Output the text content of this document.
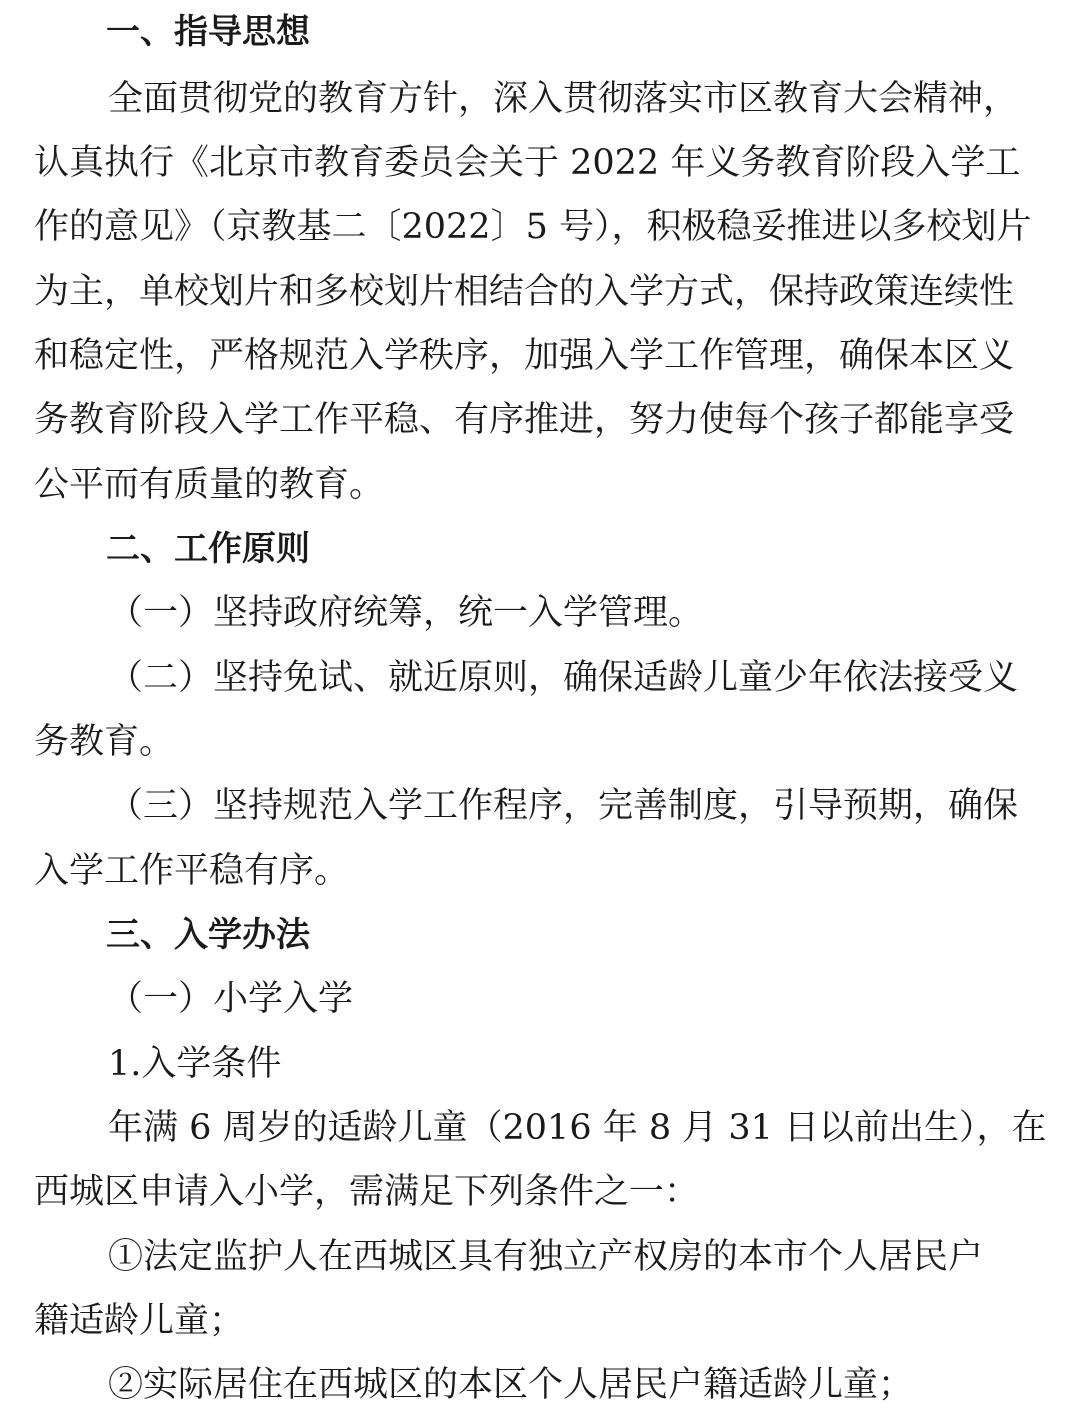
一、指导思想
全面贯彻党的教育方针，深入贯彻落实市区教育大会精神，
认真执行《北京市教育委员会关于 2022 年义务教育阶段入学工
作的意见》（京教基二〔2022〕5 号），积极稳妥推进以多校划片
为主，单校划片和多校划片相结合的入学方式，保持政策连续性
和稳定性，严格规范入学秩序，加强入学工作管理，确保本区义
务教育阶段入学工作平稳、有序推进，努力使每个孩子都能享受
公平而有质量的教育。
二、工作原则
（一）坚持政府统筹，统一入学管理。
（二）坚持免试、就近原则，确保适龄儿童少年依法接受义
务教育。
（三）坚持规范入学工作程序，完善制度，引导预期，确保
入学工作平稳有序。
三、入学办法
（一）小学入学
1.入学条件
年满 6 周岁的适龄儿童（2016 年 8 月 31 日以前出生），在
西城区申请入小学，需满足下列条件之一：
①法定监护人在西城区具有独立产权房的本市个人居民户
籍适龄儿童；
②实际居住在西城区的本区个人居民户籍适龄儿童；
